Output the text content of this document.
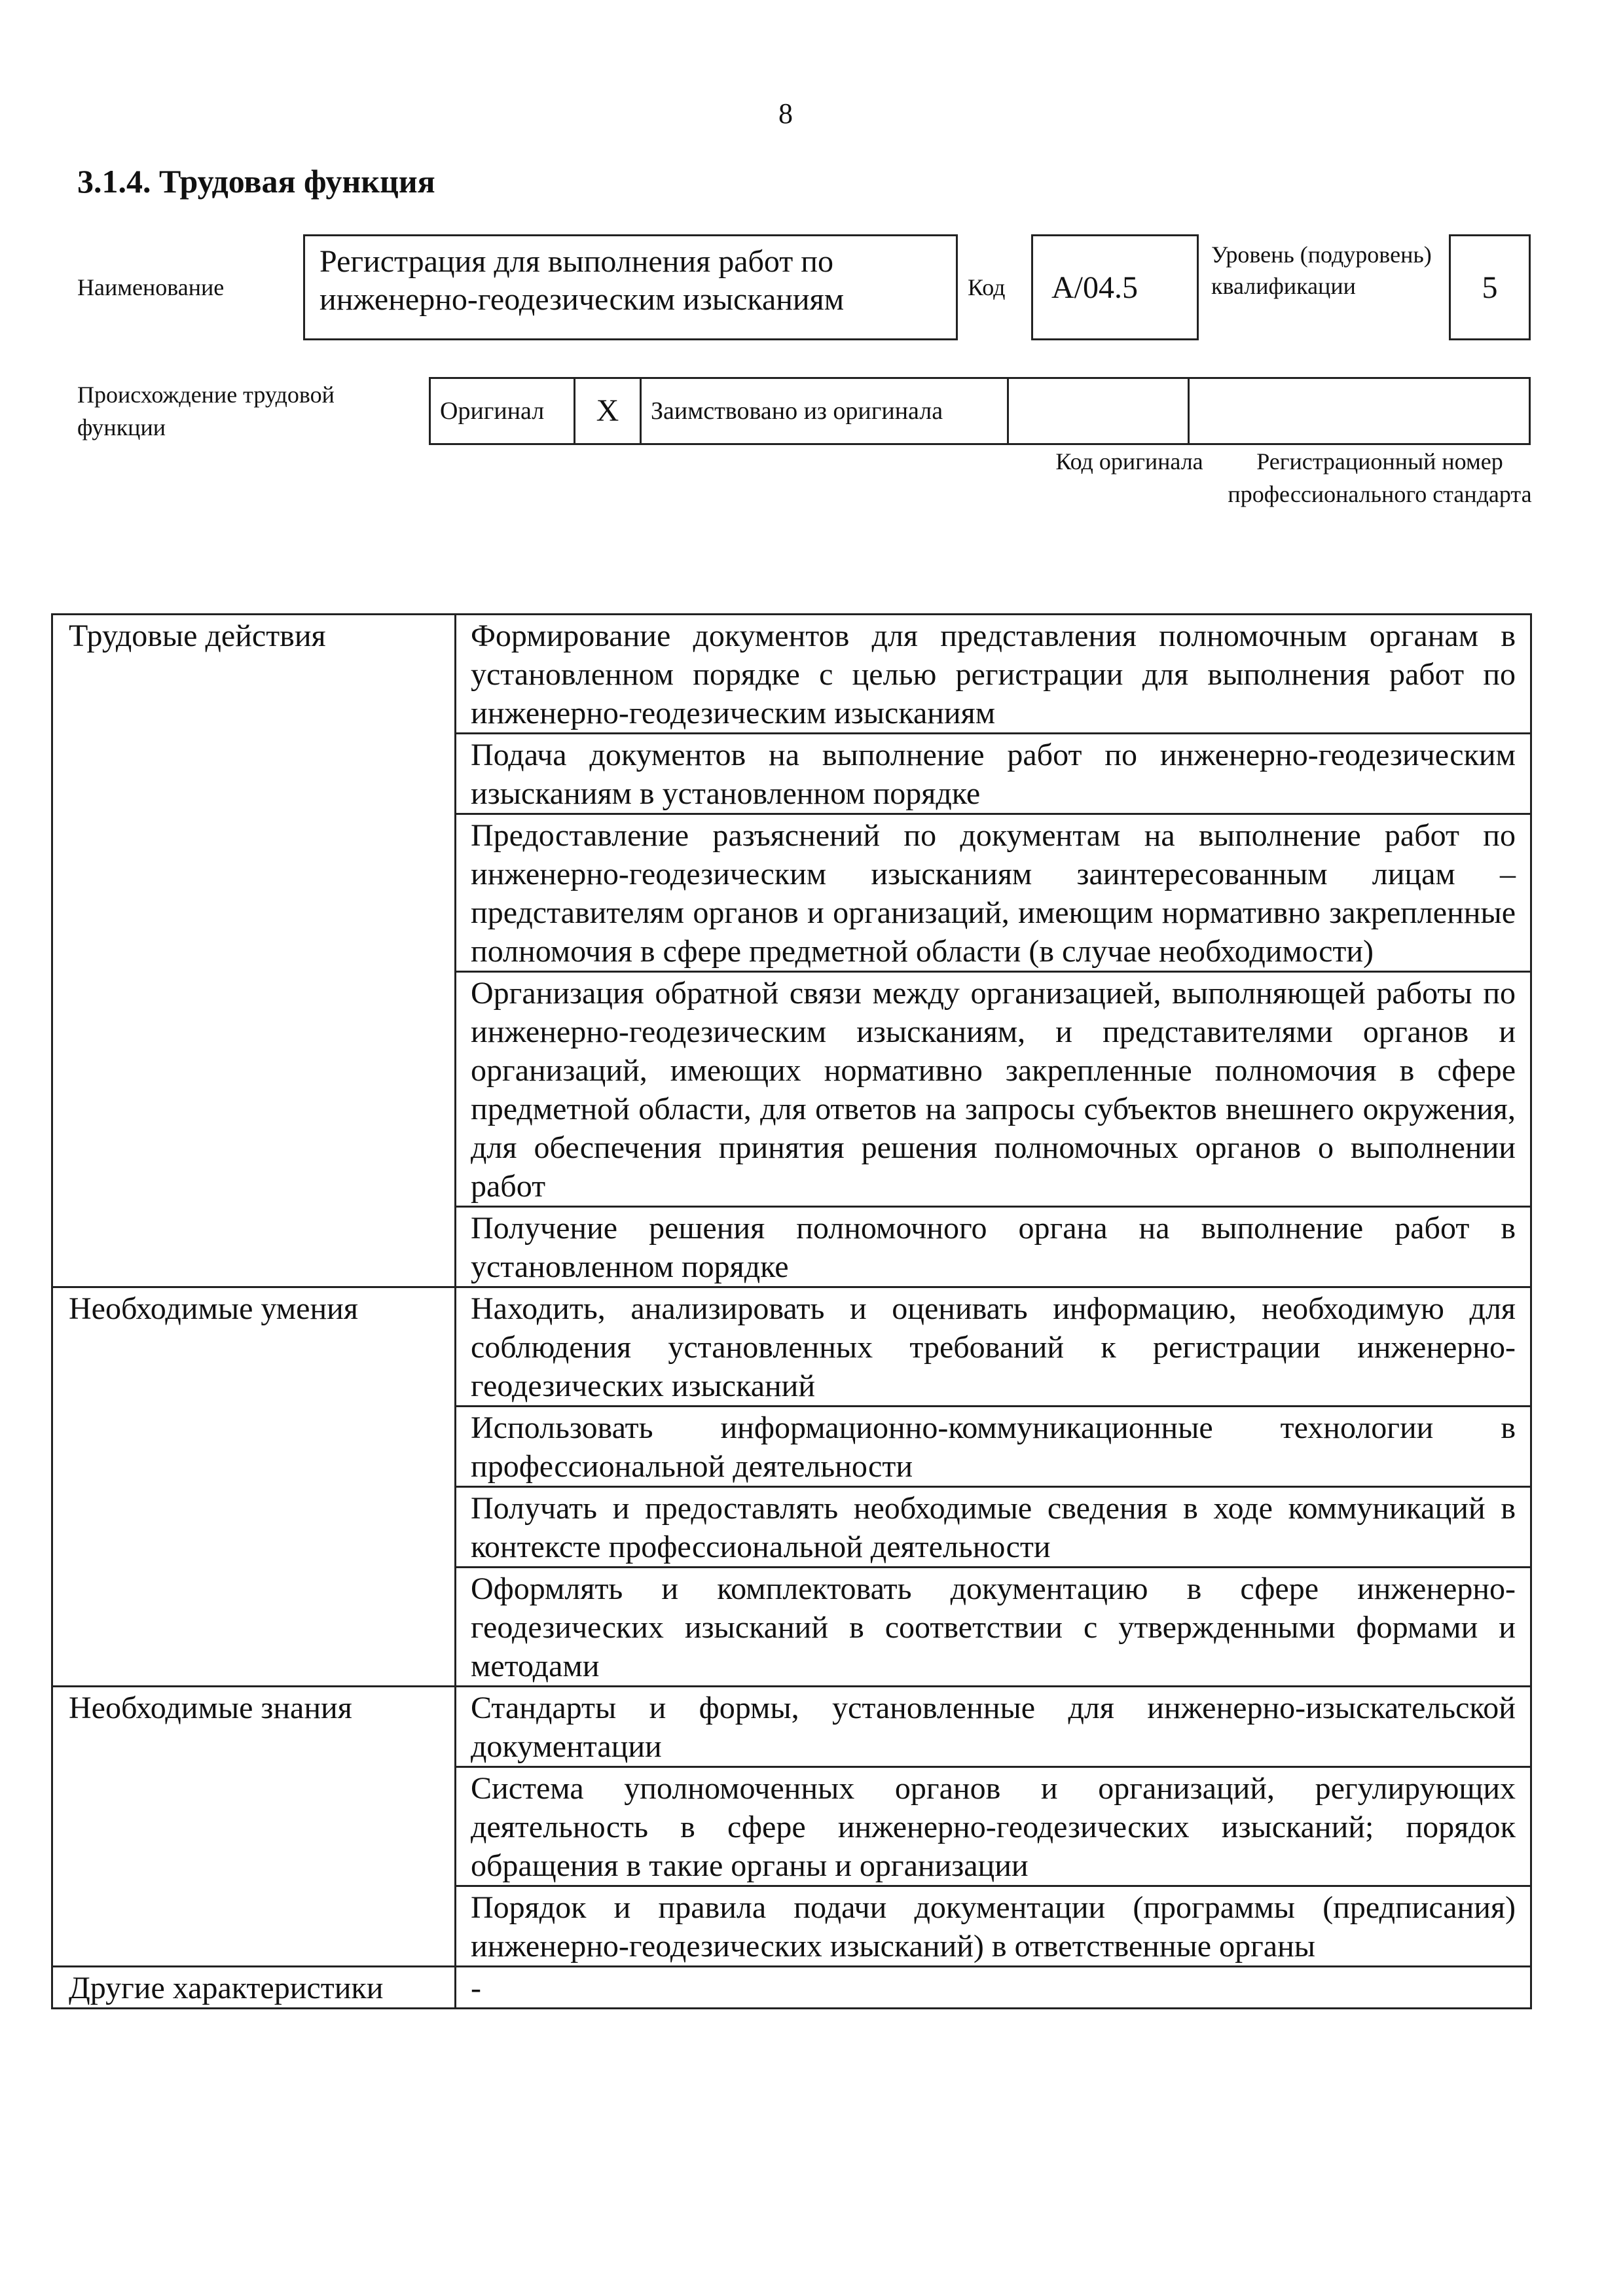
8
3.1.4. Трудовая функция
Наименование
Регистрация для выполнения работ по инженерно-геодезическим изысканиям	Код	А/04.5
Уровень (подуровень) квалификации	5
Происхождение трудовой функции
Оригинал	X	Заимствовано из оригинала		
Код оригинала	Регистрационный номер профессионального стандарта
Трудовые действия	Формирование документов для представления полномочным органам в установленном порядке с целью регистрации для выполнения работ по инженерно-геодезическим изысканиям
	Подача документов на выполнение работ по инженерно-геодезическим изысканиям в установленном порядке
	Предоставление разъяснений по документам на выполнение работ по инженерно-геодезическим изысканиям заинтересованным лицам – представителям органов и организаций, имеющим нормативно закрепленные полномочия в сфере предметной области (в случае необходимости)
	Организация обратной связи между организацией, выполняющей работы по инженерно-геодезическим изысканиям, и представителями органов и организаций, имеющих нормативно закрепленные полномочия в сфере предметной области, для ответов на запросы субъектов внешнего окружения, для обеспечения принятия решения полномочных органов о выполнении работ
	Получение решения полномочного органа на выполнение работ в установленном порядке
Необходимые умения	Находить, анализировать и оценивать информацию, необходимую для соблюдения установленных требований к регистрации инженерно-геодезических изысканий
	Использовать информационно-коммуникационные технологии в профессиональной деятельности
	Получать и предоставлять необходимые сведения в ходе коммуникаций в контексте профессиональной деятельности
	Оформлять и комплектовать документацию в сфере инженерно-геодезических изысканий в соответствии с утвержденными формами и методами
Необходимые знания	Стандарты и формы, установленные для инженерно-изыскательской документации
	Система уполномоченных органов и организаций, регулирующих деятельность в сфере инженерно-геодезических изысканий; порядок обращения в такие органы и организации
	Порядок и правила подачи документации (программы (предписания) инженерно-геодезических изысканий) в ответственные органы
Другие характеристики	-
